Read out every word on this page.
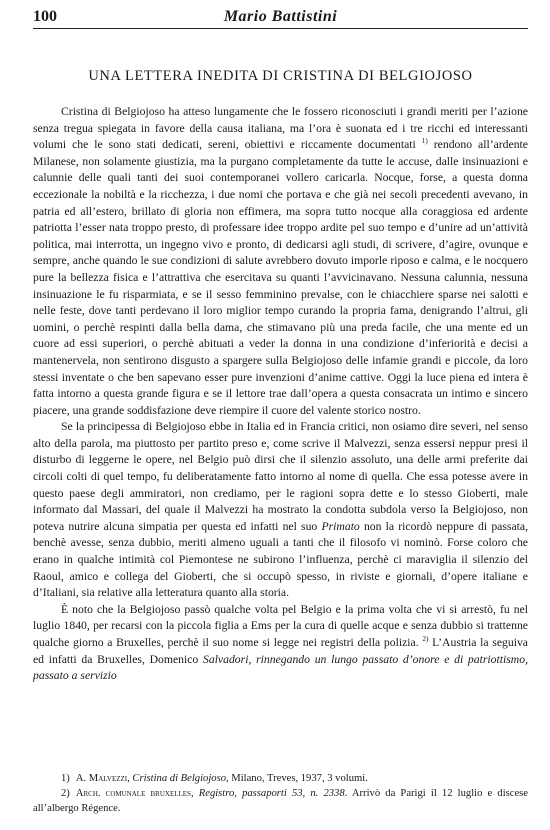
100	Mario Battistini
UNA LETTERA INEDITA DI CRISTINA DI BELGIOJOSO

Cristina di Belgiojoso ha atteso lungamente che le fossero riconosciuti i grandi meriti per l’azione senza tregua spiegata in favore della causa italiana, ma l’ora è suonata ed i tre ricchi ed interessanti volumi che le sono stati dedicati, sereni, obiettivi e riccamente documentati $^{1)}$ rendono all’ardente Milanese, non solamente giustizia, ma la purgano completamente da tutte le accuse, dalle insinuazioni e calunnie delle quali tanti dei suoi contemporanei vollero caricarla. Nocque, forse, a questa donna eccezionale la nobiltà e la ricchezza, i due nomi che portava e che già nei secoli precedenti avevano, in patria ed all’estero, brillato di gloria non effimera, ma sopra tutto nocque alla coraggiosa ed ardente patriotta l’esser nata troppo presto, di professare idee troppo ardite pel suo tempo e d’unire ad un’attività politica, mai interrotta, un ingegno vivo e pronto, di dedicarsi agli studi, di scrivere, d’agire, ovunque e sempre, anche quando le sue condizioni di salute avrebbero dovuto imporle riposo e calma, e le nocquero pure la bellezza fisica e l’attrattiva che esercitava su quanti l’avvicinavano. Nessuna calunnia, nessuna insinuazione le fu risparmiata, e se il sesso femminino prevalse, con le chiacchiere sparse nei salotti e nelle feste, dove tanti perdevano il loro miglior tempo curando la propria fama, denigrando l’altrui, gli uomini, o perchè respinti dalla bella dama, che stimavano più una preda facile, che una mente ed un cuore ad essi superiori, o perchè abituati a veder la donna in una condizione d’inferiorità e decisi a mantenervela, non sentirono disgusto a spargere sulla Belgiojoso delle infamie grandi e piccole, da loro stessi inventate o che ben sapevano esser pure invenzioni d’anime cattive. Oggi la luce piena ed intera è fatta intorno a questa grande figura e se il lettore trae dall’opera a questa consacrata un intimo e sincero piacere, una grande soddisfazione deve riempire il cuore del valente storico nostro.

Se la principessa di Belgiojoso ebbe in Italia ed in Francia critici, non osiamo dire severi, nel senso alto della parola, ma piuttosto per partito preso e, come scrive il Malvezzi, senza essersi neppur presi il disturbo di leggerne le opere, nel Belgio può dirsi che il silenzio assoluto, una delle armi preferite dai circoli colti di quel tempo, fu deliberatamente fatto intorno al nome di quella. Che essa potesse avere in questo paese degli ammiratori, non crediamo, per le ragioni sopra dette e lo stesso Gioberti, male informato dal Massari, del quale il Malvezzi ha mostrato la condotta subdola verso la Belgiojoso, non poteva nutrire alcuna simpatia per questa ed infatti nel suo Primato non la ricordò neppure di passata, benchè avesse, senza dubbio, meriti almeno uguali a tanti che il filosofo vi nominò. Forse coloro che erano in qualche intimità col Piemontese ne subirono l’influenza, perchè ci maraviglia il silenzio del Raoul, amico e collega del Gioberti, che si occupò spesso, in riviste e giornali, d’opere italiane e d’Italiani, sia relative alla letteratura quanto alla storia.

È noto che la Belgiojoso passò qualche volta pel Belgio e la prima volta che vi si arrestò, fu nel luglio 1840, per recarsi con la piccola figlia a Ems per la cura di quelle acque e senza dubbio si trattenne qualche giorno a Bruxelles, perchè il suo nome si legge nei registri della polizia. $^{2)}$ L’Austria la seguiva ed infatti da Bruxelles, Domenico Salvadori, rinnegando un lungo passato d’onore e di patriottismo, passato a servizio

1) A. Malvezzi, Cristina di Belgiojoso, Milano, Treves, 1937, 3 volumi.

2) Arch. comunale bruxelles, Registro, passaporti 53, n. 2338. Arrivò da Parigi il 12 luglio e discese all’albergo Régence.
